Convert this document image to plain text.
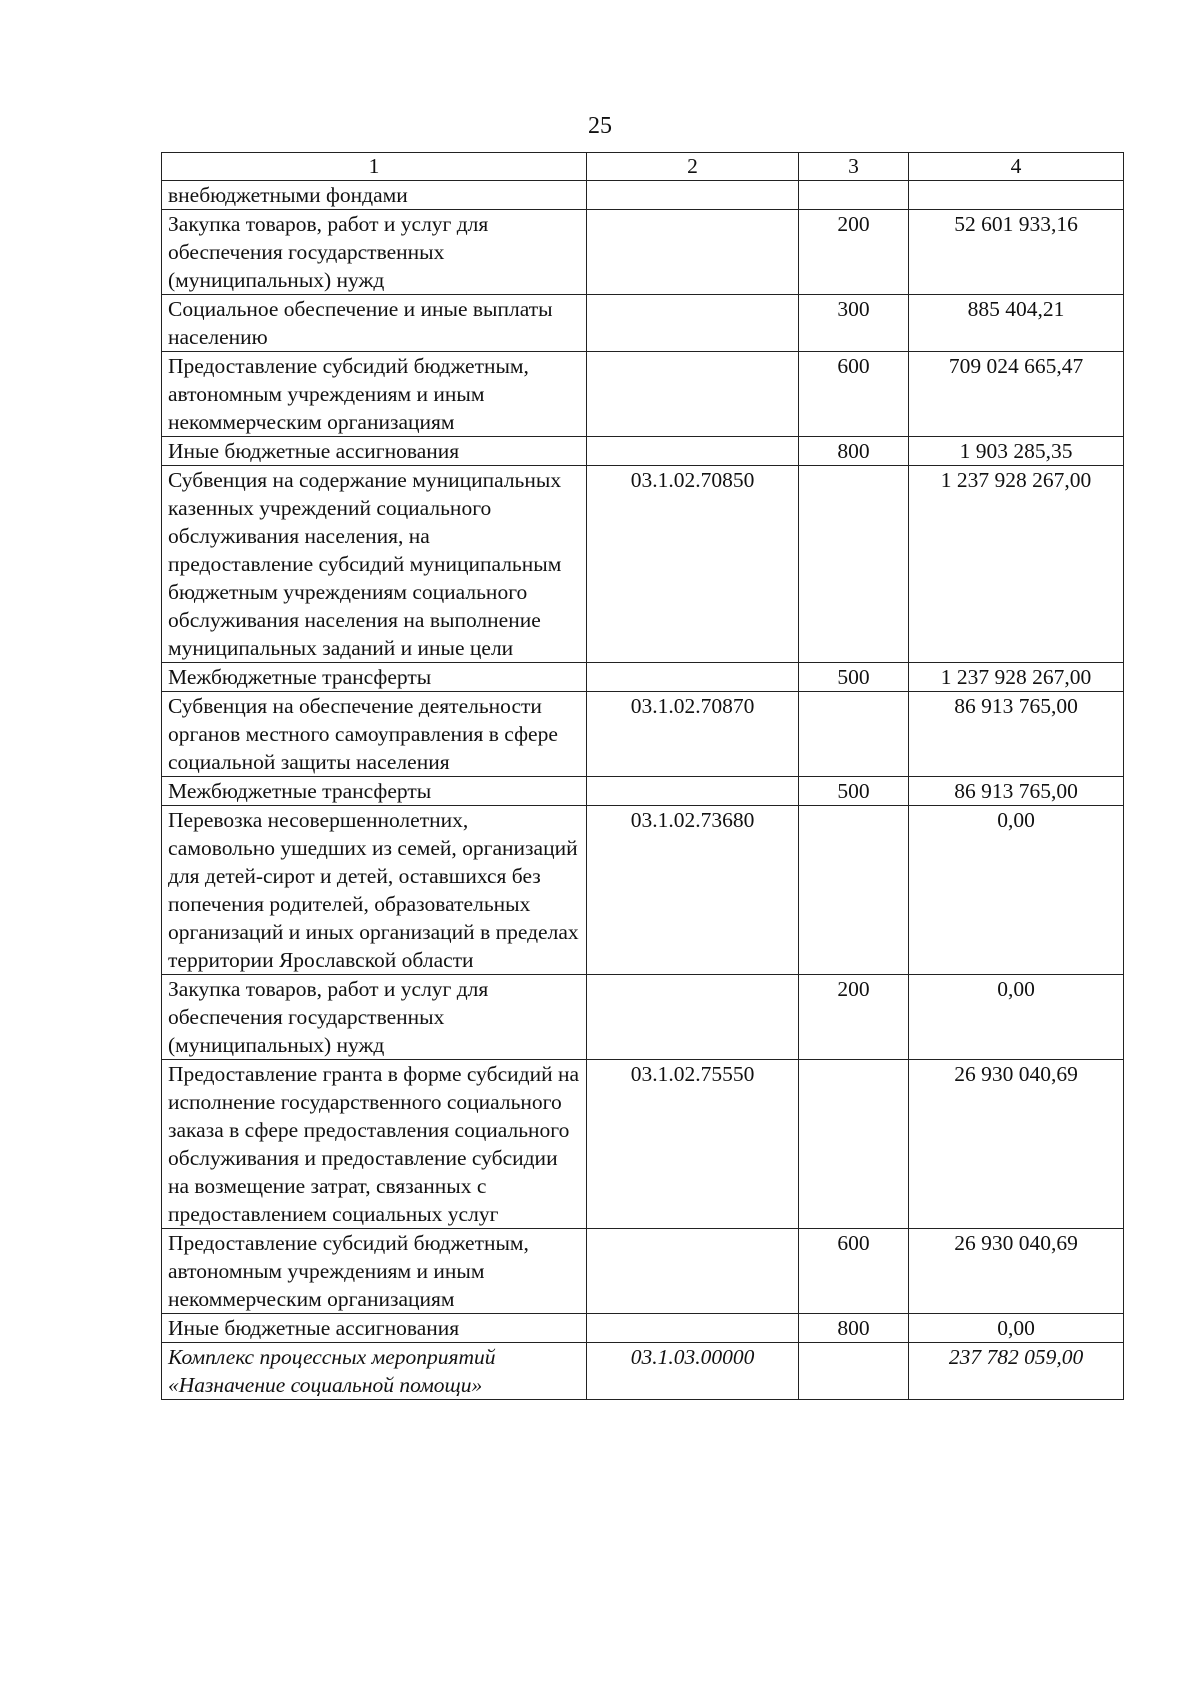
25
1	2	3	4
внебюджетными фондами			
Закупка товаров, работ и услуг для обеспечения государственных (муниципальных) нужд		200	52 601 933,16
Социальное обеспечение и иные выплаты населению		300	885 404,21
Предоставление субсидий бюджетным, автономным учреждениям и иным некоммерческим организациям		600	709 024 665,47
Иные бюджетные ассигнования		800	1 903 285,35
Субвенция на содержание муниципальных казенных учреждений социального обслуживания населения, на предоставление субсидий муниципальным бюджетным учреждениям социального обслуживания населения на выполнение муниципальных заданий и иные цели	03.1.02.70850		1 237 928 267,00
Межбюджетные трансферты		500	1 237 928 267,00
Субвенция на обеспечение деятельности органов местного самоуправления в сфере социальной защиты населения	03.1.02.70870		86 913 765,00
Межбюджетные трансферты		500	86 913 765,00
Перевозка несовершеннолетних, самовольно ушедших из семей, организаций для детей-сирот и детей, оставшихся без попечения родителей, образовательных организаций и иных организаций в пределах территории Ярославской области	03.1.02.73680		0,00
Закупка товаров, работ и услуг для обеспечения государственных (муниципальных) нужд		200	0,00
Предоставление гранта в форме субсидий на исполнение государственного социального заказа в сфере предоставления социального обслуживания и предоставление субсидии на возмещение затрат, связанных с предоставлением социальных услуг	03.1.02.75550		26 930 040,69
Предоставление субсидий бюджетным, автономным учреждениям и иным некоммерческим организациям		600	26 930 040,69
Иные бюджетные ассигнования		800	0,00
Комплекс процессных мероприятий «Назначение социальной помощи»	03.1.03.00000		237 782 059,00
